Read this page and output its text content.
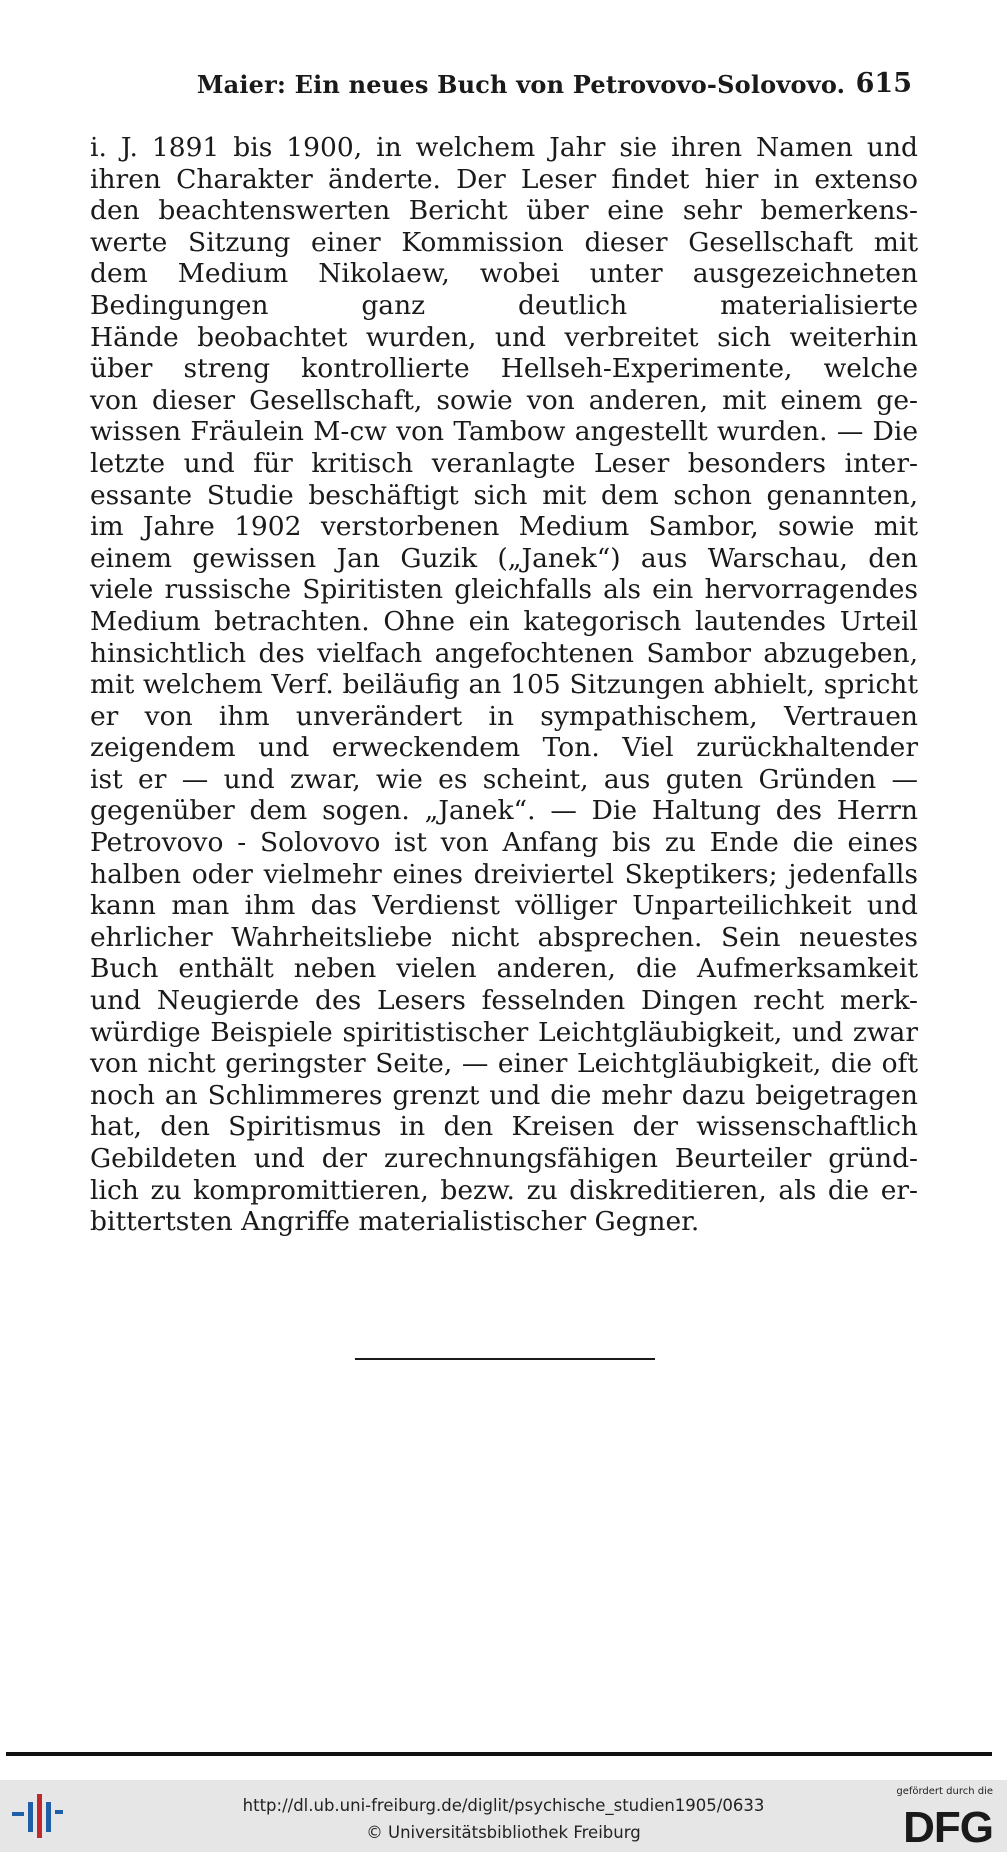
Maier: Ein neues Buch von Petrovovo-Solovovo. 615
i. J. 1891 bis 1900, in welchem Jahr sie ihren Namen und
ihren Charakter änderte. Der Leser findet hier in extenso
den beachtenswerten Bericht über eine sehr bemerkens-
werte Sitzung einer Kommission dieser Gesellschaft mit
dem Medium Nikolaew, wobei unter ausgezeichneten
Bedingungen ganz deutlich materialisierte
Hände beobachtet wurden, und verbreitet sich weiterhin
über streng kontrollierte Hellseh-Experimente, welche
von dieser Gesellschaft, sowie von anderen, mit einem ge-
wissen Fräulein M-cw von Tambow angestellt wurden. — Die
letzte und für kritisch veranlagte Leser besonders inter-
essante Studie beschäftigt sich mit dem schon genannten,
im Jahre 1902 verstorbenen Medium Sambor, sowie mit
einem gewissen Jan Guzik („Janek“) aus Warschau, den
viele russische Spiritisten gleichfalls als ein hervorragendes
Medium betrachten. Ohne ein kategorisch lautendes Urteil
hinsichtlich des vielfach angefochtenen Sambor abzugeben,
mit welchem Verf. beiläufig an 105 Sitzungen abhielt, spricht
er von ihm unverändert in sympathischem, Vertrauen
zeigendem und erweckendem Ton. Viel zurückhaltender
ist er — und zwar, wie es scheint, aus guten Gründen —
gegenüber dem sogen. „Janek“. — Die Haltung des Herrn
Petrovovo - Solovovo ist von Anfang bis zu Ende die eines
halben oder vielmehr eines dreiviertel Skeptikers; jedenfalls
kann man ihm das Verdienst völliger Unparteilichkeit und
ehrlicher Wahrheitsliebe nicht absprechen. Sein neuestes
Buch enthält neben vielen anderen, die Aufmerksamkeit
und Neugierde des Lesers fesselnden Dingen recht merk-
würdige Beispiele spiritistischer Leichtgläubigkeit, und zwar
von nicht geringster Seite, — einer Leichtgläubigkeit, die oft
noch an Schlimmeres grenzt und die mehr dazu beigetragen
hat, den Spiritismus in den Kreisen der wissenschaftlich
Gebildeten und der zurechnungsfähigen Beurteiler gründ-
lich zu kompromittieren, bezw. zu diskreditieren, als die er-
bittertsten Angriffe materialistischer Gegner.
http://dl.ub.uni-freiburg.de/diglit/psychische_studien1905/0633
© Universitätsbibliothek Freiburg
gefördert durch die
DFG
